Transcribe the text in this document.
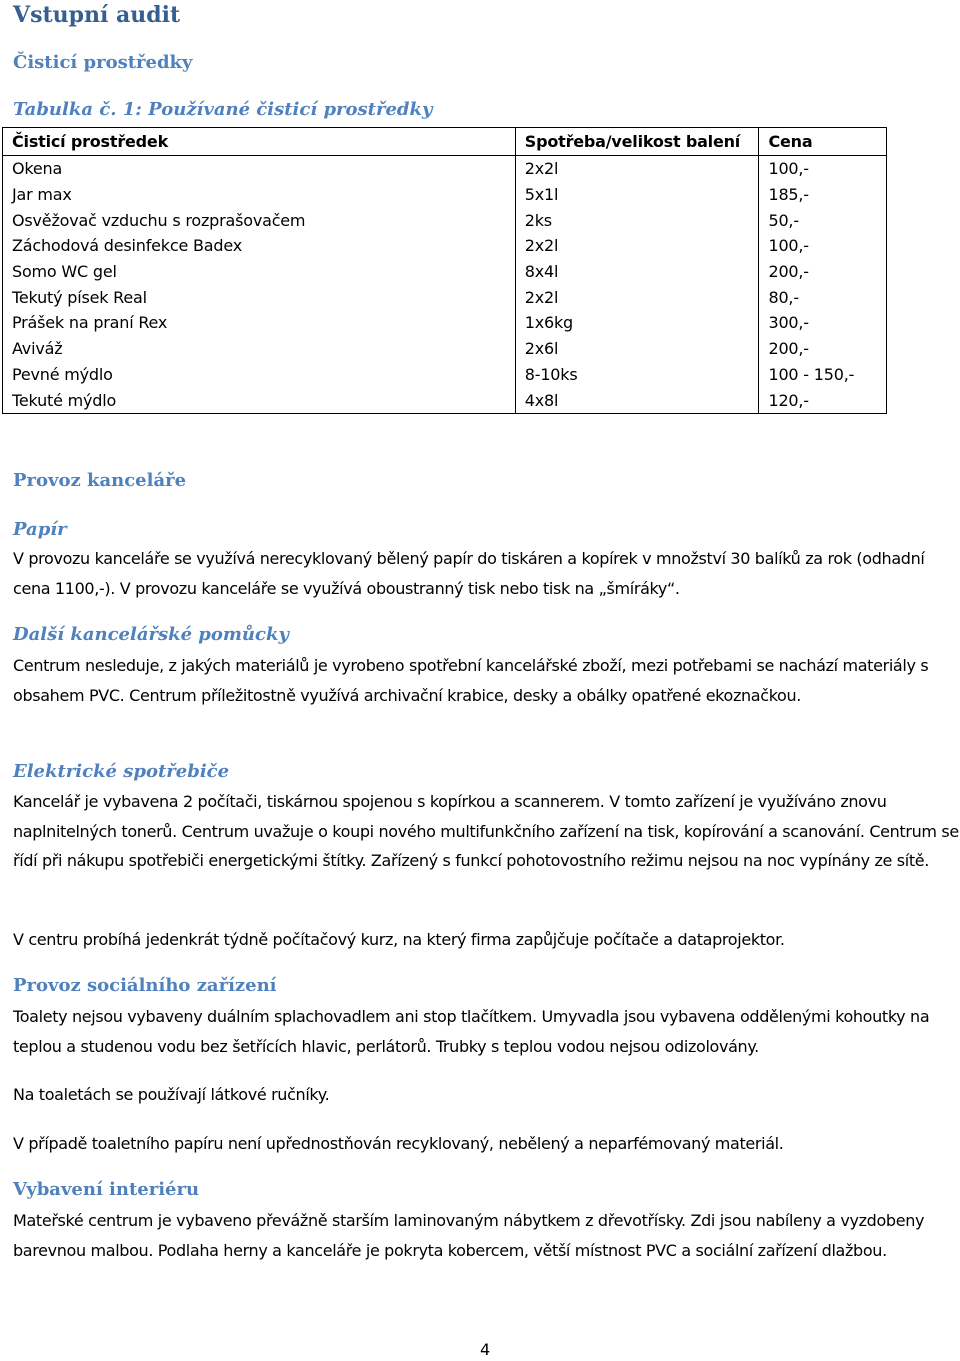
Vstupní audit
Čisticí prostředky
Tabulka č. 1: Používané čisticí prostředky
Čisticí prostředek	Spotřeba/velikost balení	Cena
Okena	2x2l	100,-
Jar max	5x1l	185,-
Osvěžovač vzduchu s rozprašovačem	2ks	50,-
Záchodová desinfekce Badex	2x2l	100,-
Somo WC gel	8x4l	200,-
Tekutý písek Real	2x2l	80,-
Prášek na praní Rex	1x6kg	300,-
Aviváž	2x6l	200,-
Pevné mýdlo	8-10ks	100 - 150,-
Tekuté mýdlo	4x8l	120,-
Provoz kanceláře
Papír

V provozu kanceláře se využívá nerecyklovaný bělený papír do tiskáren a kopírek v množství 30 balíků za rok (odhadní cena 1100,-). V provozu kanceláře se využívá oboustranný tisk nebo tisk na „šmíráky“.

Další kancelářské pomůcky

Centrum nesleduje, z jakých materiálů je vyrobeno spotřební kancelářské zboží, mezi potřebami se nachází materiály s obsahem PVC. Centrum příležitostně využívá archivační krabice, desky a obálky opatřené ekoznačkou.

Elektrické spotřebiče

Kancelář je vybavena 2 počítači, tiskárnou spojenou s kopírkou a scannerem. V tomto zařízení je využíváno znovu naplnitelných tonerů. Centrum uvažuje o koupi nového multifunkčního zařízení na tisk, kopírování a scanování. Centrum se řídí při nákupu spotřebiči energetickými štítky. Zařízený s funkcí pohotovostního režimu nejsou na noc vypínány ze sítě.

V centru probíhá jedenkrát týdně počítačový kurz, na který firma zapůjčuje počítače a dataprojektor.

Provoz sociálního zařízení

Toalety nejsou vybaveny duálním splachovadlem ani stop tlačítkem. Umyvadla jsou vybavena oddělenými kohoutky na teplou a studenou vodu bez šetřících hlavic, perlátorů. Trubky s teplou vodou nejsou odizolovány.

Na toaletách se používají látkové ručníky.

V případě toaletního papíru není upřednostňován recyklovaný, nebělený a neparfémovaný materiál.

Vybavení interiéru

Mateřské centrum je vybaveno převážně starším laminovaným nábytkem z dřevotřísky. Zdi jsou nabíleny a vyzdobeny barevnou malbou. Podlaha herny a kanceláře je pokryta kobercem, větší místnost PVC a sociální zařízení dlažbou.

4
